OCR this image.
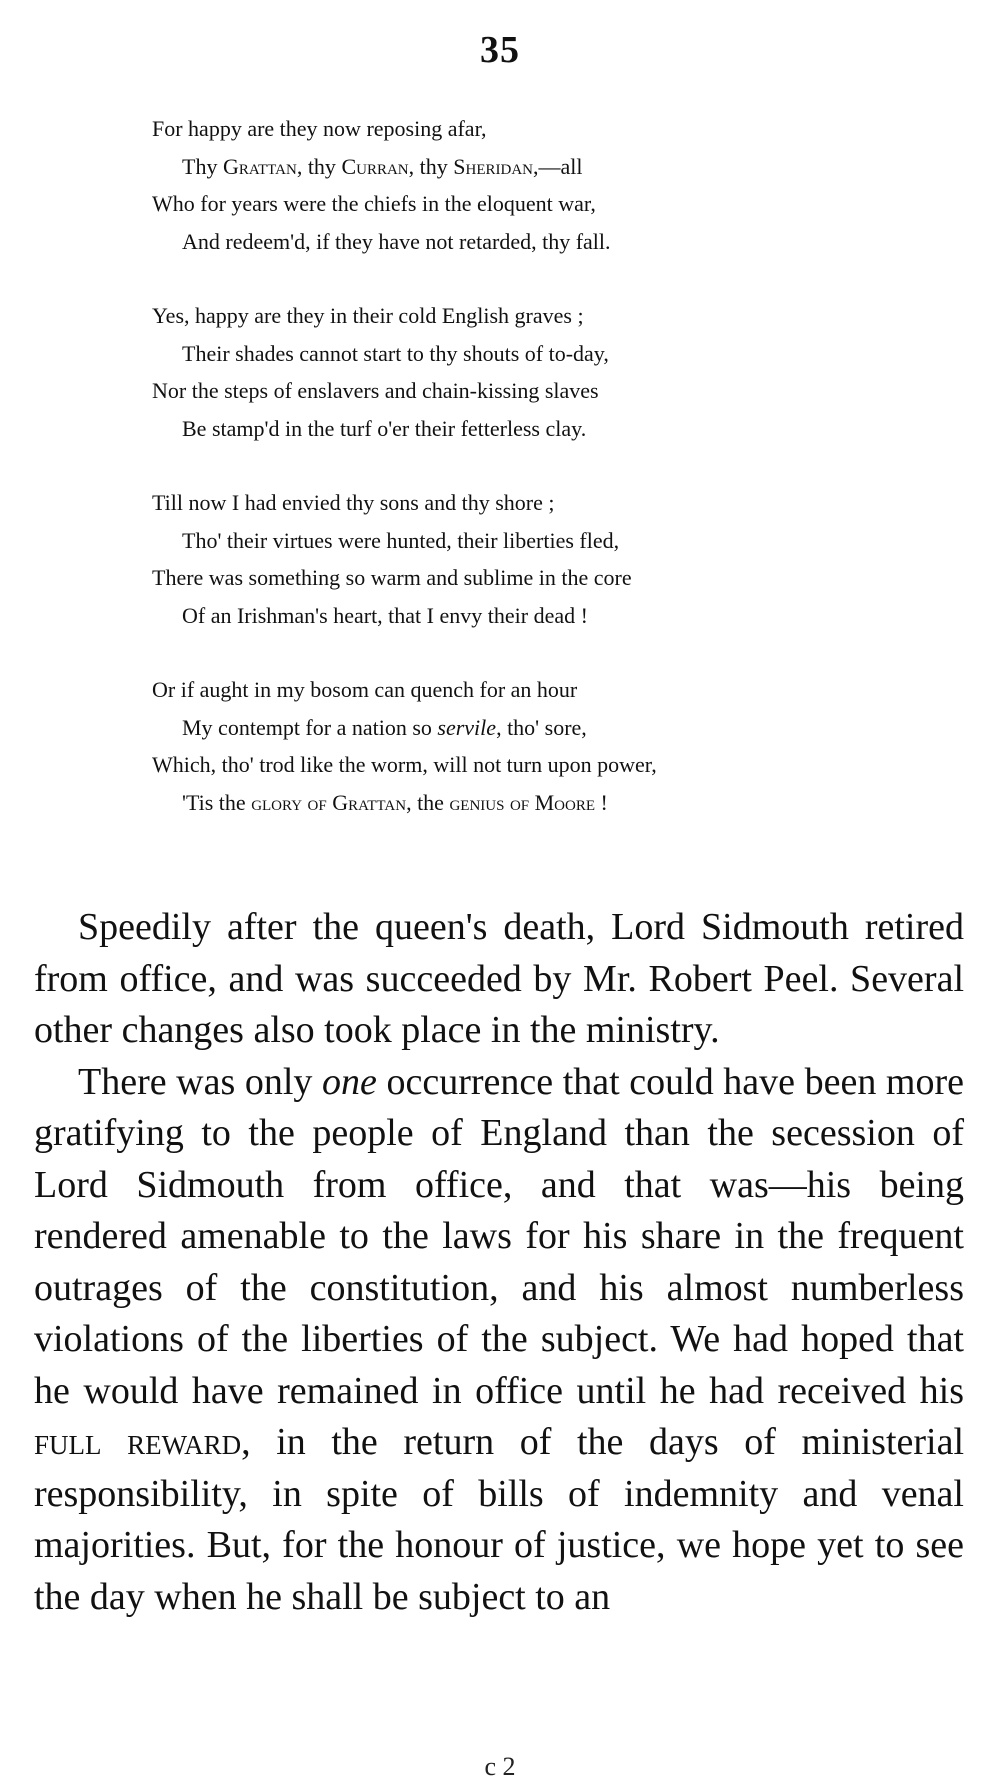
35
For happy are they now reposing afar,
Thy Grattan, thy Curran, thy Sheridan,—all
Who for years were the chiefs in the eloquent war,
And redeem'd, if they have not retarded, thy fall.
Yes, happy are they in their cold English graves ;
Their shades cannot start to thy shouts of to-day,
Nor the steps of enslavers and chain-kissing slaves
Be stamp'd in the turf o'er their fetterless clay.
Till now I had envied thy sons and thy shore ;
Tho' their virtues were hunted, their liberties fled,
There was something so warm and sublime in the core
Of an Irishman's heart, that I envy their dead !
Or if aught in my bosom can quench for an hour
My contempt for a nation so servile, tho' sore,
Which, tho' trod like the worm, will not turn upon power,
'Tis the glory of Grattan, the genius of Moore !

Speedily after the queen's death, Lord Sidmouth retired from office, and was succeeded by Mr. Robert Peel. Several other changes also took place in the ministry.

There was only one occurrence that could have been more gratifying to the people of England than the secession of Lord Sidmouth from office, and that was—his being rendered amenable to the laws for his share in the frequent outrages of the constitution, and his almost numberless violations of the liberties of the subject. We had hoped that he would have remained in office until he had received his full reward, in the return of the days of ministerial responsibility, in spite of bills of indemnity and venal majorities. But, for the honour of justice, we hope yet to see the day when he shall be subject to an

c 2
